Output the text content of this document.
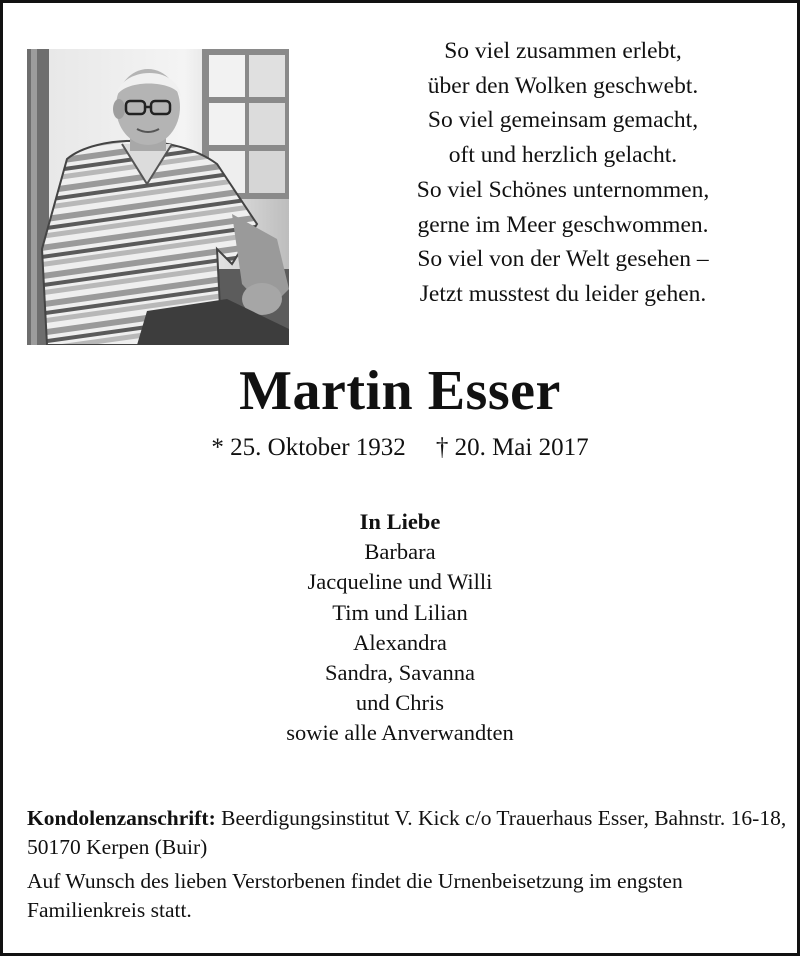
So viel zusammen erlebt,
über den Wolken geschwebt.
So viel gemeinsam gemacht,
oft und herzlich gelacht.
So viel Schönes unternommen,
gerne im Meer geschwommen.
So viel von der Welt gesehen –
Jetzt musstest du leider gehen.
Martin Esser
* 25. Oktober 1932 † 20. Mai 2017
In Liebe
Barbara
Jacqueline und Willi
Tim und Lilian
Alexandra
Sandra, Savanna
und Chris
sowie alle Anverwandten

Kondolenzanschrift: Beerdigungsinstitut V. Kick c/o Trauerhaus Esser, Bahnstr. 16-18, 50170 Kerpen (Buir)

Auf Wunsch des lieben Verstorbenen findet die Urnenbeisetzung im engsten Familienkreis statt.
